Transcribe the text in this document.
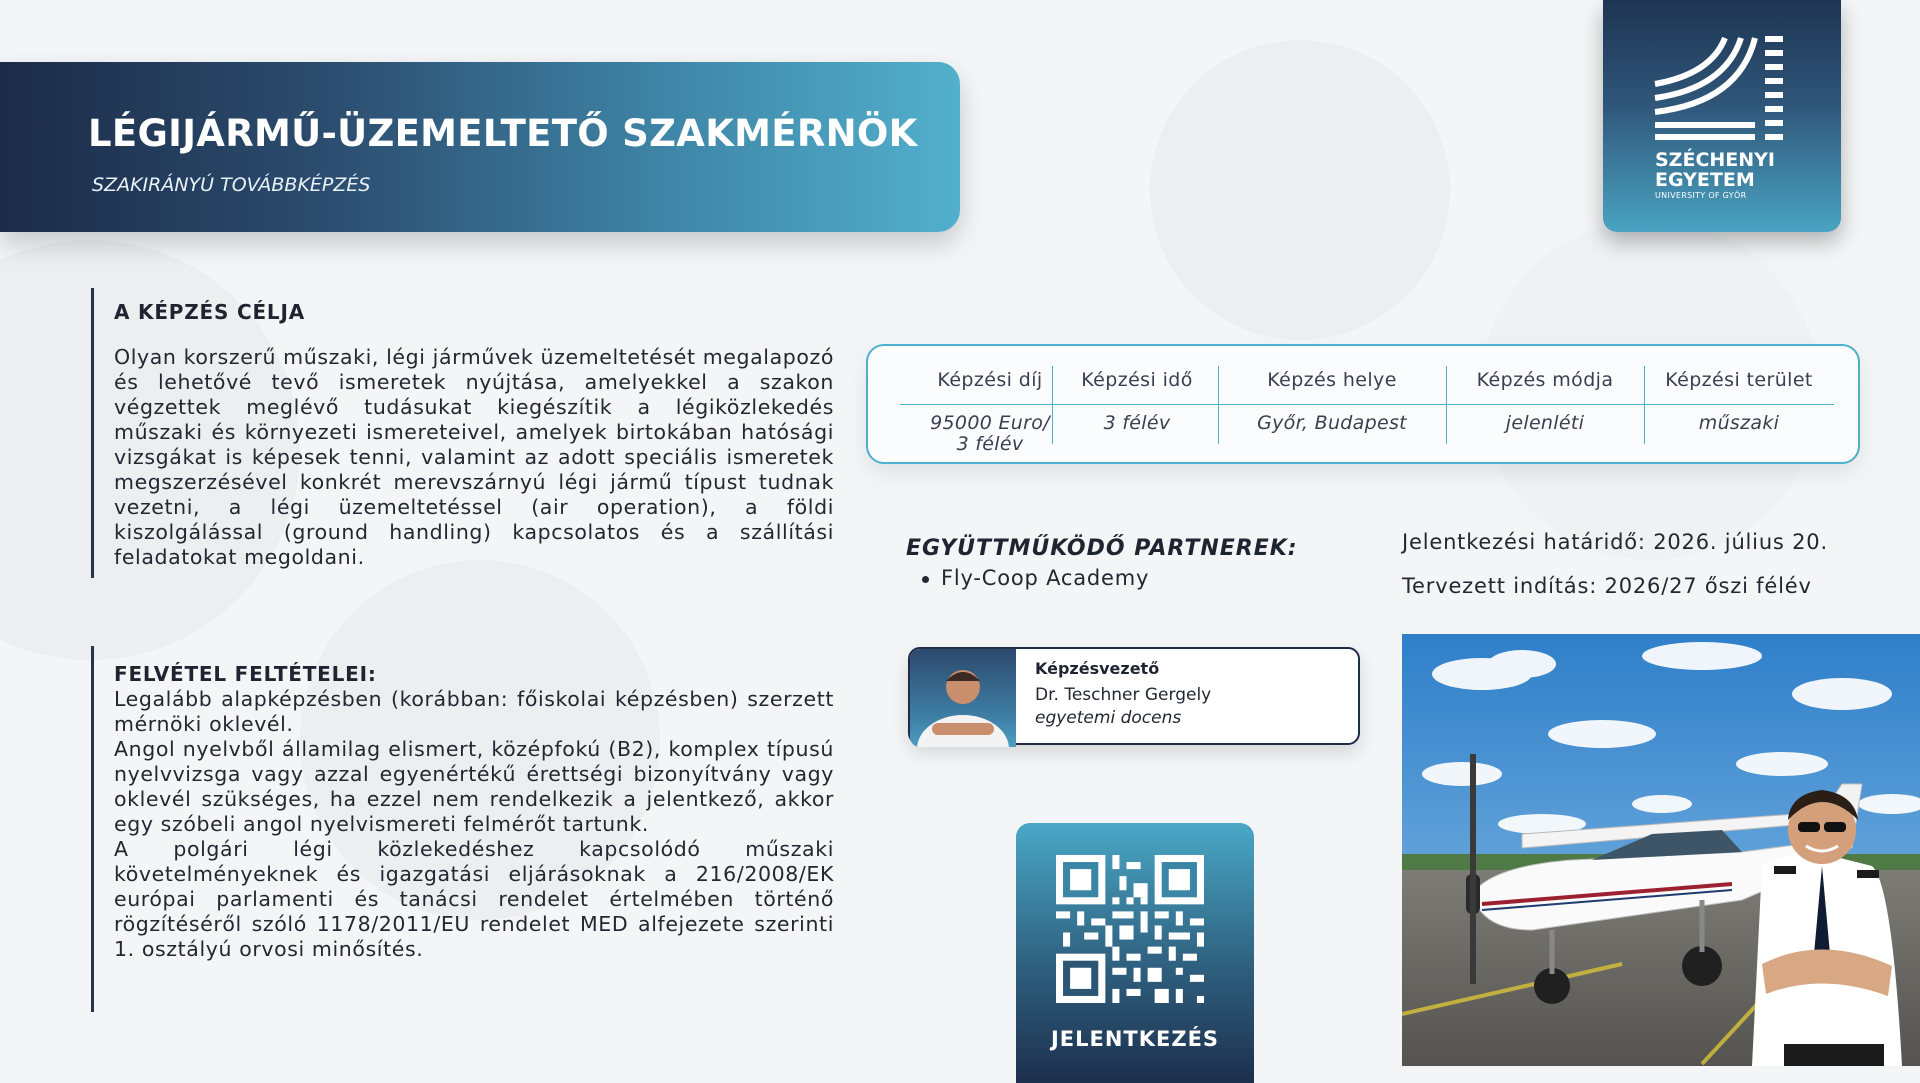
LÉGIJÁRMŰ-ÜZEMELTETŐ SZAKMÉRNÖK
SZAKIRÁNYÚ TOVÁBBKÉPZÉS
SZÉCHENYI
EGYETEM
UNIVERSITY OF GYŐR
A KÉPZÉS CÉLJA

Olyan korszerű műszaki, légi járművek üzemeltetését megalapozó és lehetővé tevő ismeretek nyújtása, amelyekkel a szakon végzettek meglévő tudásukat kiegészítik a légiközlekedés műszaki és környezeti ismereteivel, amelyek birtokában hatósági vizsgákat is képesek tenni, valamint az adott speciális ismeretek megszerzésével konkrét merevszárnyú légi jármű típust tudnak vezetni, a légi üzemeltetéssel (air operation), a földi kiszolgálással (ground handling) kapcsolatos és a szállítási feladatokat megoldani.

FELVÉTEL FELTÉTELEI:

Legalább alapképzésben (korábban: főiskolai képzésben) szerzett mérnöki oklevél.

Angol nyelvből államilag elismert, középfokú (B2), komplex típusú nyelvvizsga vagy azzal egyenértékű érettségi bizonyítvány vagy oklevél szükséges, ha ezzel nem rendelkezik a jelentkező, akkor egy szóbeli angol nyelvismereti felmérőt tartunk.

A polgári légi közlekedéshez kapcsolódó műszaki követelményeknek és igazgatási eljárásoknak a 216/2008/EK európai parlamenti és tanácsi rendelet értelmében történő rögzítéséről szóló 1178/2011/EU rendelet MED alfejezete szerinti 1. osztályú orvosi minősítés.

Képzési díj
95000 Euro/
3 félév
Képzési idő
3 félév
Képzés helye
Győr, Budapest
Képzés módja
jelenléti
Képzési terület
műszaki
EGYÜTTMŰKÖDŐ PARTNEREK:
Fly-Coop Academy
Jelentkezési határidő: 2026. július 20.
Tervezett indítás: 2026/27 őszi félév
Képzésvezető
Dr. Teschner Gergely
egyetemi docens
JELENTKEZÉS
